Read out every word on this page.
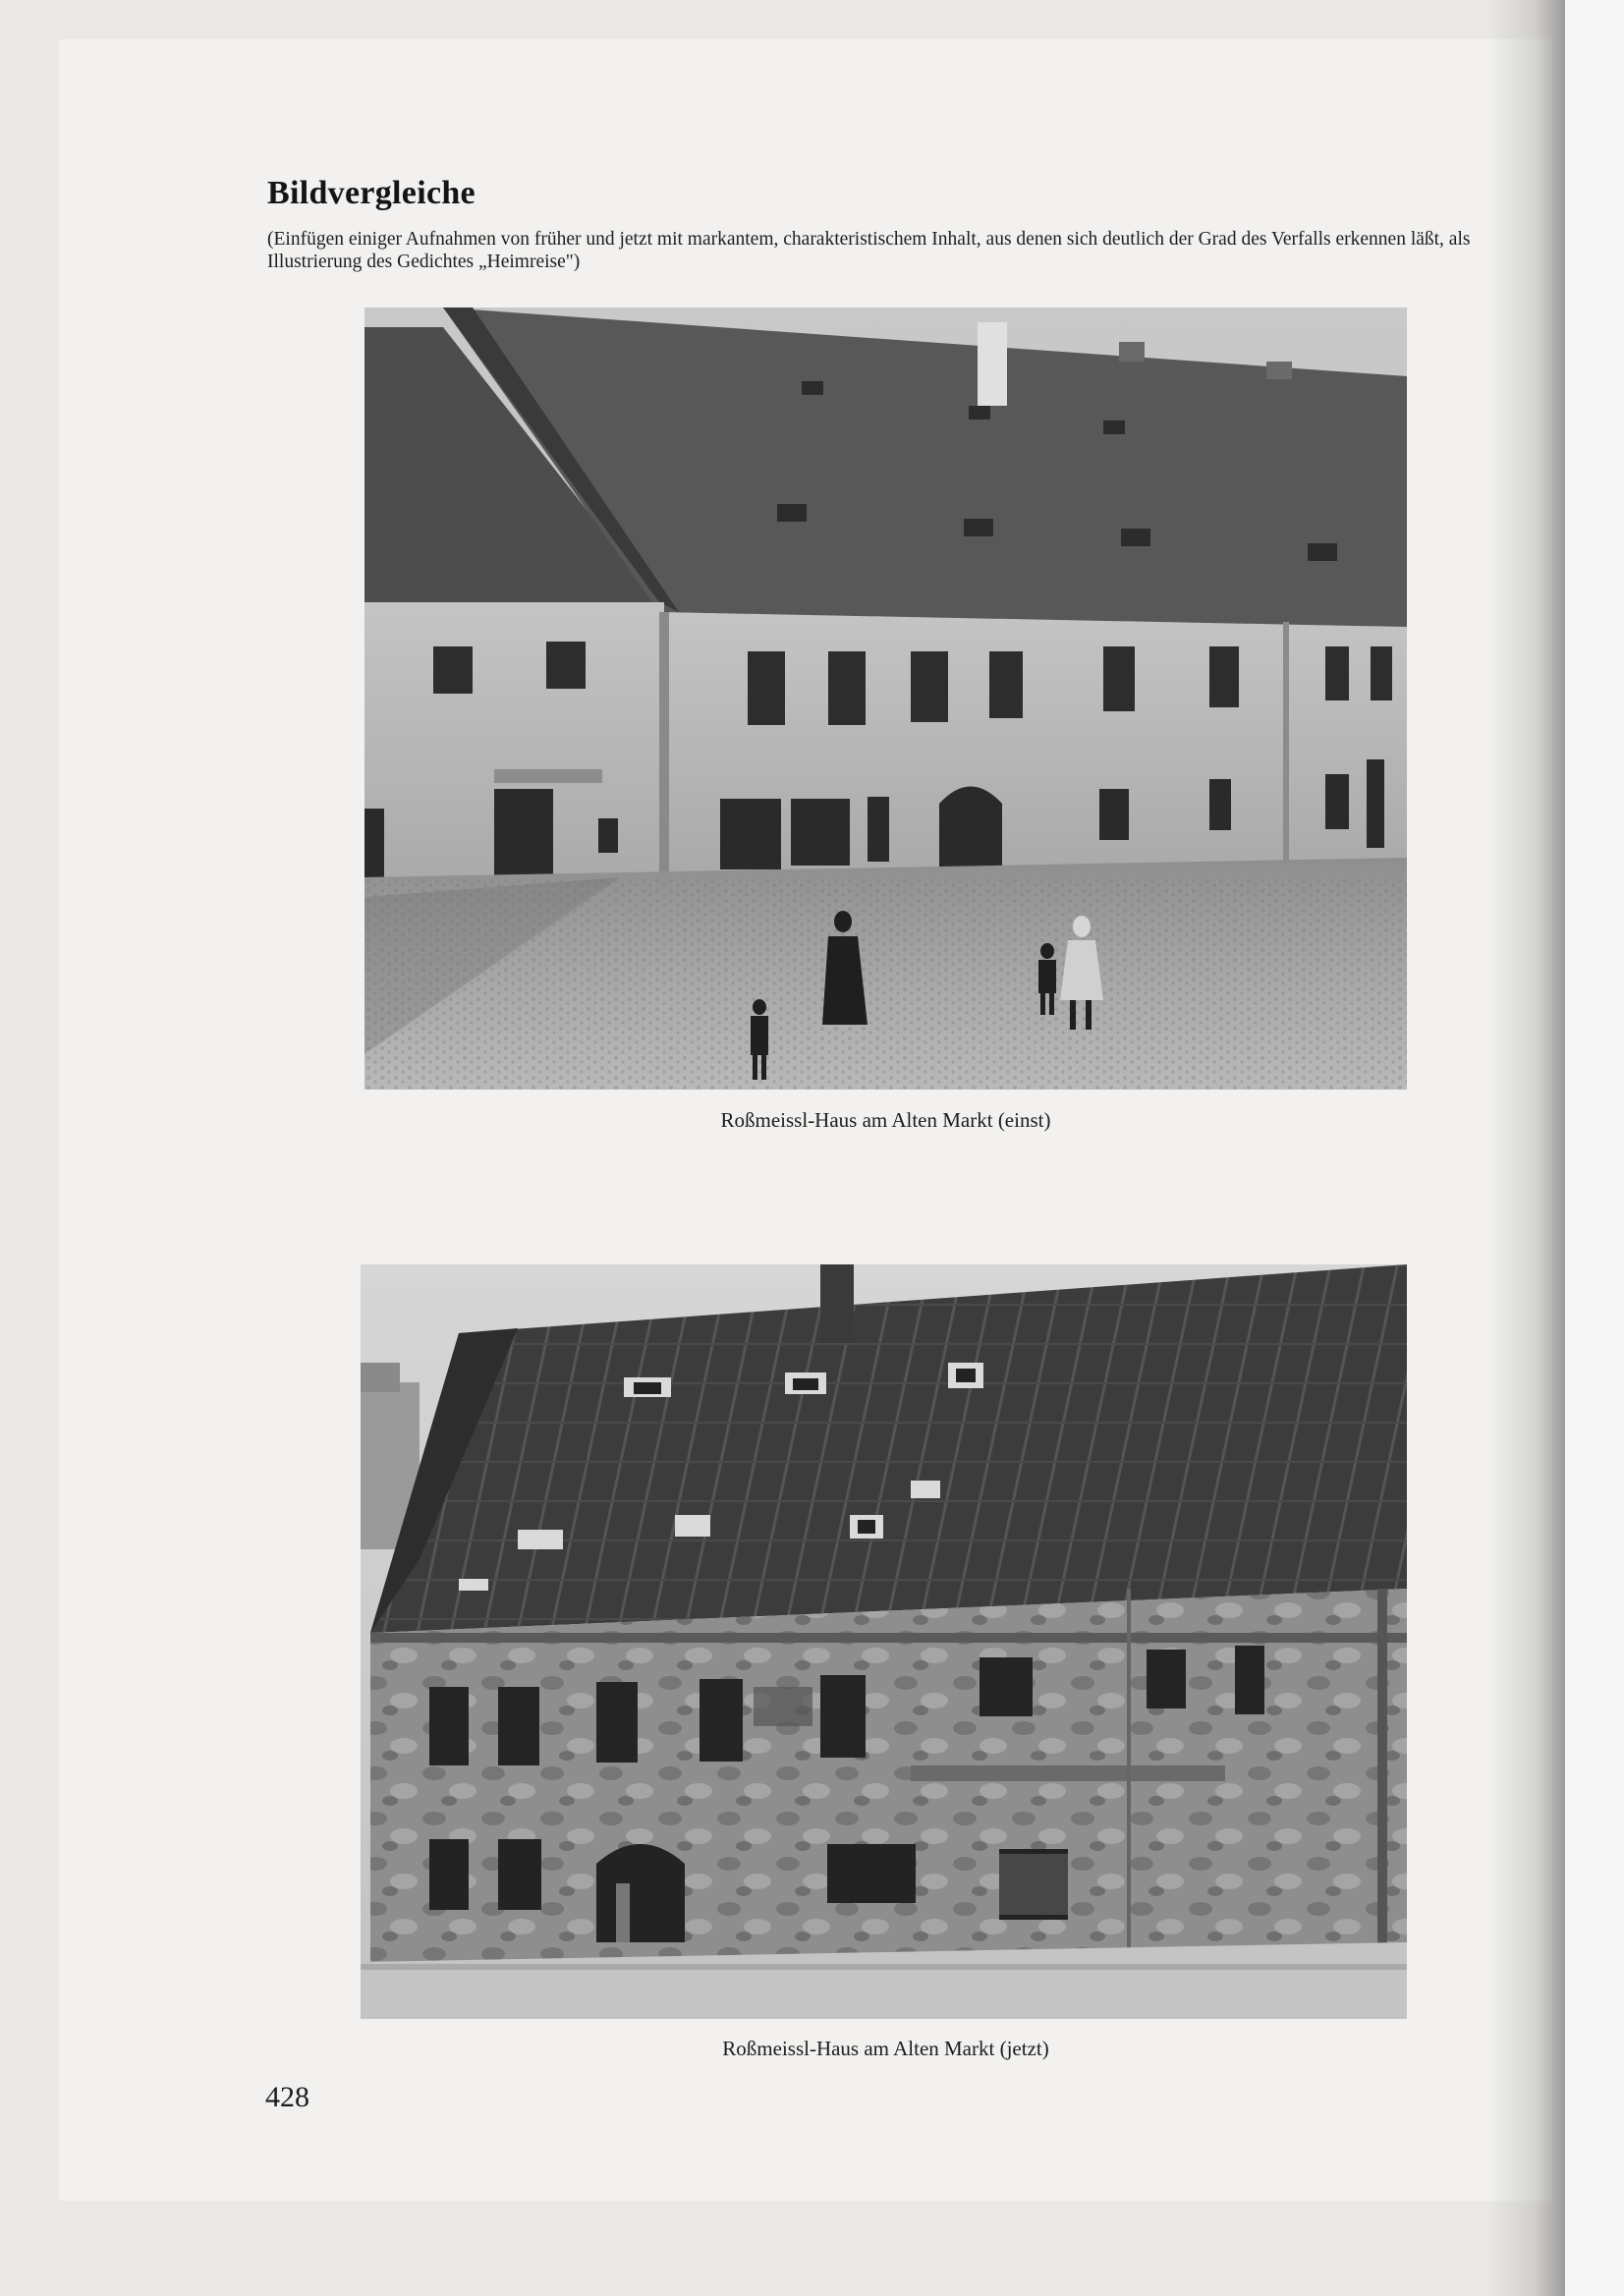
Bildvergleiche

(Einfügen einiger Aufnahmen von früher und jetzt mit markantem, charakteristischem Inhalt, aus denen sich deutlich der Grad des Verfalls erkennen läßt, als Illustrierung des Gedichtes „Heimreise")

Roßmeissl-Haus am Alten Markt (einst)
Roßmeissl-Haus am Alten Markt (jetzt)
428
